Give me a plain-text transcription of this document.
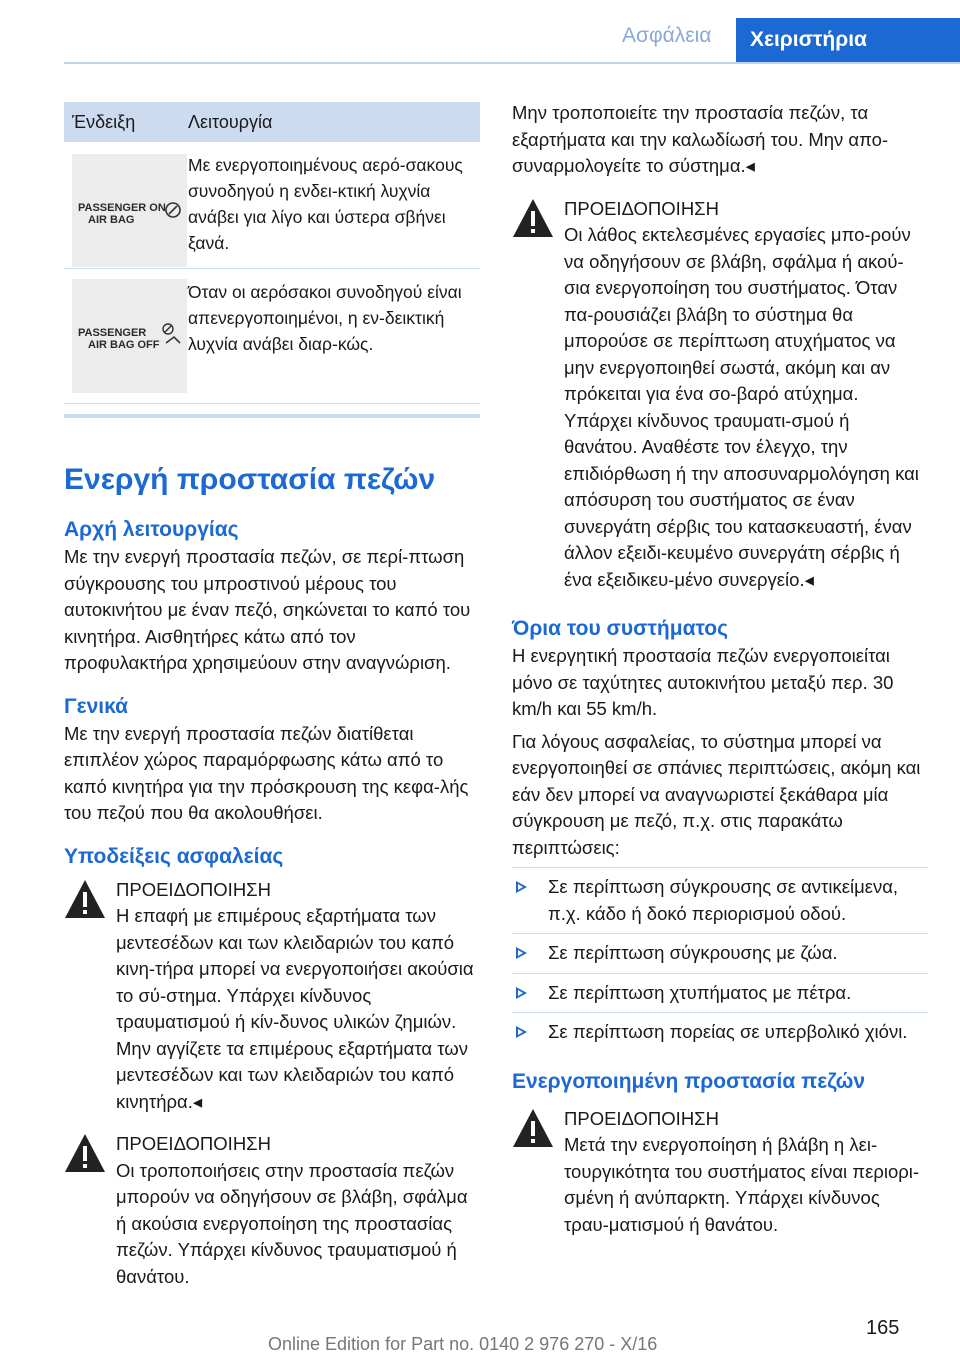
Ασφάλεια	Χειριστήρια
Ένδειξη	Λειτουργία
PASSENGER ON
AIR BAG
Με ενεργοποιημένους αερό-σακους συνοδηγού η ενδει-κτική λυχνία ανάβει για λίγο και ύστερα σβήνει ξανά.
PASSENGER
AIR BAG OFF
Όταν οι αερόσακοι συνοδηγού είναι απενεργοποιημένοι, η εν-δεικτική λυχνία ανάβει διαρ-κώς.
Ενεργή προστασία πεζών
Αρχή λειτουργίας

Με την ενεργή προστασία πεζών, σε περί-πτωση σύγκρουσης του μπροστινού μέρους του αυτοκινήτου με έναν πεζό, σηκώνεται το καπό του κινητήρα. Αισθητήρες κάτω από τον προφυλακτήρα χρησιμεύουν στην αναγνώριση.

Γενικά

Με την ενεργή προστασία πεζών διατίθεται επιπλέον χώρος παραμόρφωσης κάτω από το καπό κινητήρα για την πρόσκρουση της κεφα-λής του πεζού που θα ακολουθήσει.

Υποδείξεις ασφαλείας
ΠΡΟΕΙΔΟΠΟΙΗΣΗ
Η επαφή με επιμέρους εξαρτήματα των μεντεσέδων και των κλειδαριών του καπό κινη-τήρα μπορεί να ενεργοποιήσει ακούσια το σύ-στημα. Υπάρχει κίνδυνος τραυματισμού ή κίν-δυνος υλικών ζημιών. Μην αγγίζετε τα επιμέρους εξαρτήματα των μεντεσέδων και των κλειδαριών του καπό κινητήρα.◂
ΠΡΟΕΙΔΟΠΟΙΗΣΗ
Οι τροποποιήσεις στην προστασία πεζών μπορούν να οδηγήσουν σε βλάβη, σφάλμα ή ακούσια ενεργοποίηση της προστασίας πεζών. Υπάρχει κίνδυνος τραυματισμού ή θανάτου.

Μην τροποποιείτε την προστασία πεζών, τα εξαρτήματα και την καλωδίωσή του. Μην απο-συναρμολογείτε το σύστημα.◂

ΠΡΟΕΙΔΟΠΟΙΗΣΗ
Οι λάθος εκτελεσμένες εργασίες μπο-ρούν να οδηγήσουν σε βλάβη, σφάλμα ή ακού-σια ενεργοποίηση του συστήματος. Όταν πα-ρουσιάζει βλάβη το σύστημα θα μπορούσε σε περίπτωση ατυχήματος να μην ενεργοποιηθεί σωστά, ακόμη και αν πρόκειται για ένα σο-βαρό ατύχημα. Υπάρχει κίνδυνος τραυματι-σμού ή θανάτου. Αναθέστε τον έλεγχο, την επιδιόρθωση ή την αποσυναρμολόγηση και απόσυρση του συστήματος σε έναν συνεργάτη σέρβις του κατασκευαστή, έναν άλλον εξειδι-κευμένο συνεργάτη σέρβις ή ένα εξειδικευ-μένο συνεργείο.◂
Όρια του συστήματος

Η ενεργητική προστασία πεζών ενεργοποιείται μόνο σε ταχύτητες αυτοκινήτου μεταξύ περ. 30 km/h και 55 km/h.

Για λόγους ασφαλείας, το σύστημα μπορεί να ενεργοποιηθεί σε σπάνιες περιπτώσεις, ακόμη και εάν δεν μπορεί να αναγνωριστεί ξεκάθαρα μία σύγκρουση με πεζό, π.χ. στις παρακάτω περιπτώσεις:

Σε περίπτωση σύγκρουσης σε αντικείμενα, π.χ. κάδο ή δοκό περιορισμού οδού.
Σε περίπτωση σύγκρουσης με ζώα.
Σε περίπτωση χτυπήματος με πέτρα.
Σε περίπτωση πορείας σε υπερβολικό χιόνι.
Ενεργοποιημένη προστασία πεζών
ΠΡΟΕΙΔΟΠΟΙΗΣΗ
Μετά την ενεργοποίηση ή βλάβη η λει-τουργικότητα του συστήματος είναι περιορι-σμένη ή ανύπαρκτη. Υπάρχει κίνδυνος τραυ-ματισμού ή θανάτου.
165
Online Edition for Part no. 0140 2 976 270 - X/16
